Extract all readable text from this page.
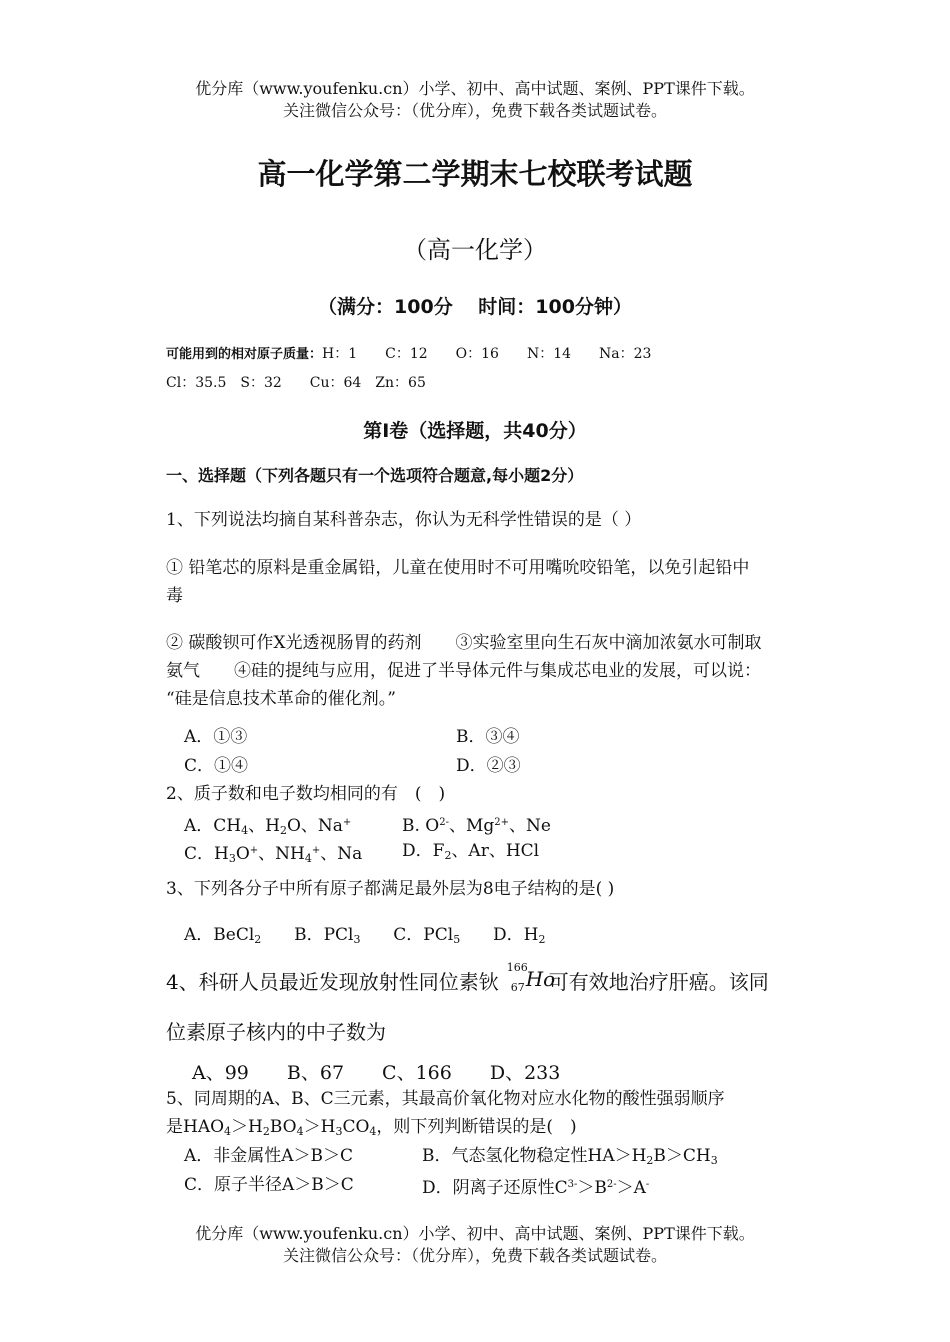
优分库（www.youfenku.cn）小学、初中、高中试题、案例、PPT课件下载。
关注微信公众号：（优分库），免费下载各类试题试卷。
高一化学第二学期末七校联考试题
（高一化学）
（满分：100分　 时间：100分钟）
可能用到的相对原子质量：H：1　　C：12　　O：16　　N：14　　Na：23
Cl：35.5　S：32　　Cu：64　Zn：65
第Ⅰ卷（选择题，共40分）
一、选择题（下列各题只有一个选项符合题意,每小题2分）
1、下列说法均摘自某科普杂志，你认为无科学性错误的是（ ）
① 铅笔芯的原料是重金属铅，儿童在使用时不可用嘴吮咬铅笔，以免引起铅中
毒
② 碳酸钡可作X光透视肠胃的药剂　　③实验室里向生石灰中滴加浓氨水可制取
氨气　　④硅的提纯与应用，促进了半导体元件与集成芯电业的发展，可以说：
“硅是信息技术革命的催化剂。”
A．①③	B．③④
C．①④	D．②③
2、质子数和电子数均相同的有　(　)
A．$CH_4$、$H_2O$、Na+	B. $O^{2-}$、$Mg^{2+}$、Ne
C．$H_3O^+$、$NH_4^+$、Na D．$F_2$、Ar、HCl
3、下列各分子中所有原子都满足最外层为8电子结构的是( )
A．BeCl$_2$ B．PCl$_3$ C．PCl$_5$ D．$H_2$
4、科研人员最近发现放射性同位素钬
166
67 Ho
可有效地治疗肝癌。该同
位素原子核内的中子数为
A、99　　B、67　　C、166　　D、233
5、同周期的A、B、C三元素，其最高价氧化物对应水化物的酸性强弱顺序
是$HAO_4>H_2BO_4>H_3CO_4$，则下列判断错误的是(　)
A．非金属性A＞B＞C	B．气态氢化物稳定性$HA>H_2B>CH_3$
C．原子半径A＞B＞C	D．阴离子还原性$C^{3-}>B^{2-}>A^-$
优分库（www.youfenku.cn）小学、初中、高中试题、案例、PPT课件下载。
关注微信公众号：（优分库），免费下载各类试题试卷。
